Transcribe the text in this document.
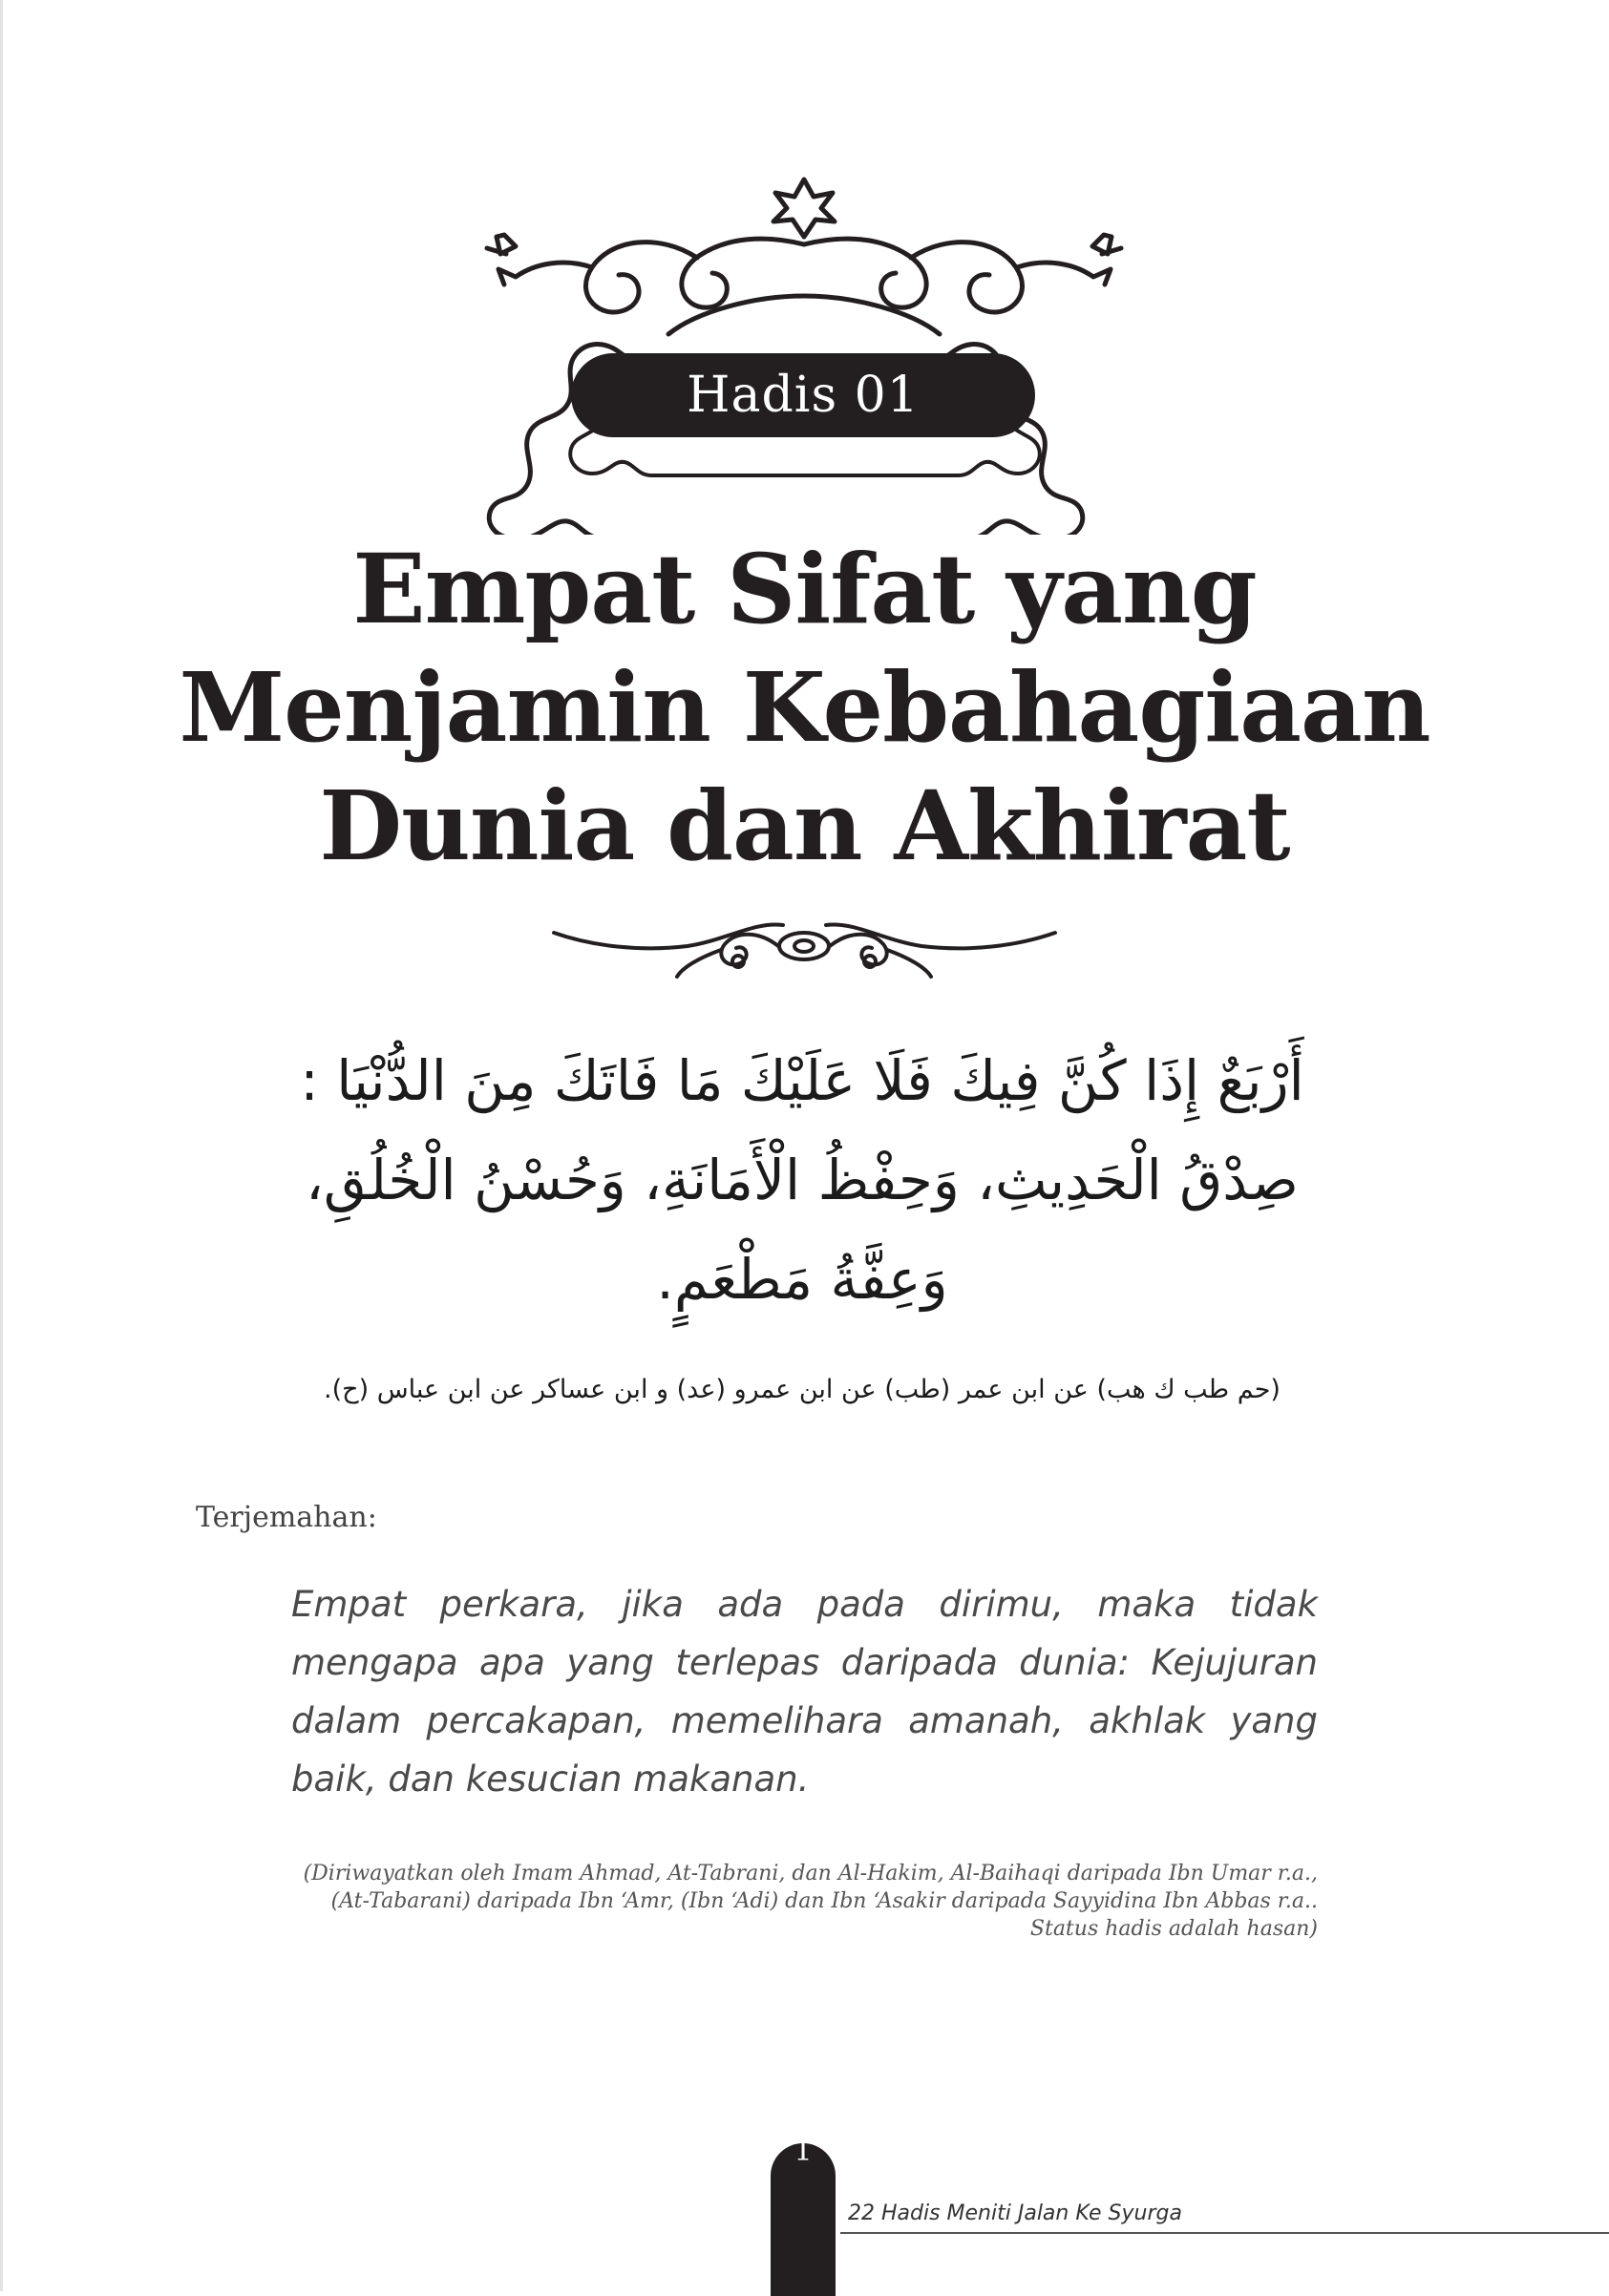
Hadis 01
Empat Sifat yang
Menjamin Kebahagiaan
Dunia dan Akhirat
أَرْبَعٌ إِذَا كُنَّ فِيكَ فَلَا عَلَيْكَ مَا فَاتَكَ مِنَ الدُّنْيَا :
صِدْقُ الْحَدِيثِ، وَحِفْظُ الْأَمَانَةِ، وَحُسْنُ الْخُلُقِ،
وَعِفَّةُ مَطْعَمٍ.
(حم طب ك هب) عن ابن عمر (طب) عن ابن عمرو (عد) و ابن عساكر عن ابن عباس (ح).
Terjemahan:

Empat perkara, jika ada pada dirimu, maka tidak mengapa apa yang terlepas daripada dunia: Kejujuran dalam percakapan, memelihara amanah, akhlak yang baik, dan kesucian makanan.

(Diriwayatkan oleh Imam Ahmad, At-Tabrani, dan Al-Hakim, Al-Baihaqi daripada Ibn Umar r.a., (At-Tabarani) daripada Ibn ‘Amr, (Ibn ‘Adi) dan Ibn ‘Asakir daripada Sayyidina Ibn Abbas r.a.. Status hadis adalah hasan)

1
22 Hadis Meniti Jalan Ke Syurga
